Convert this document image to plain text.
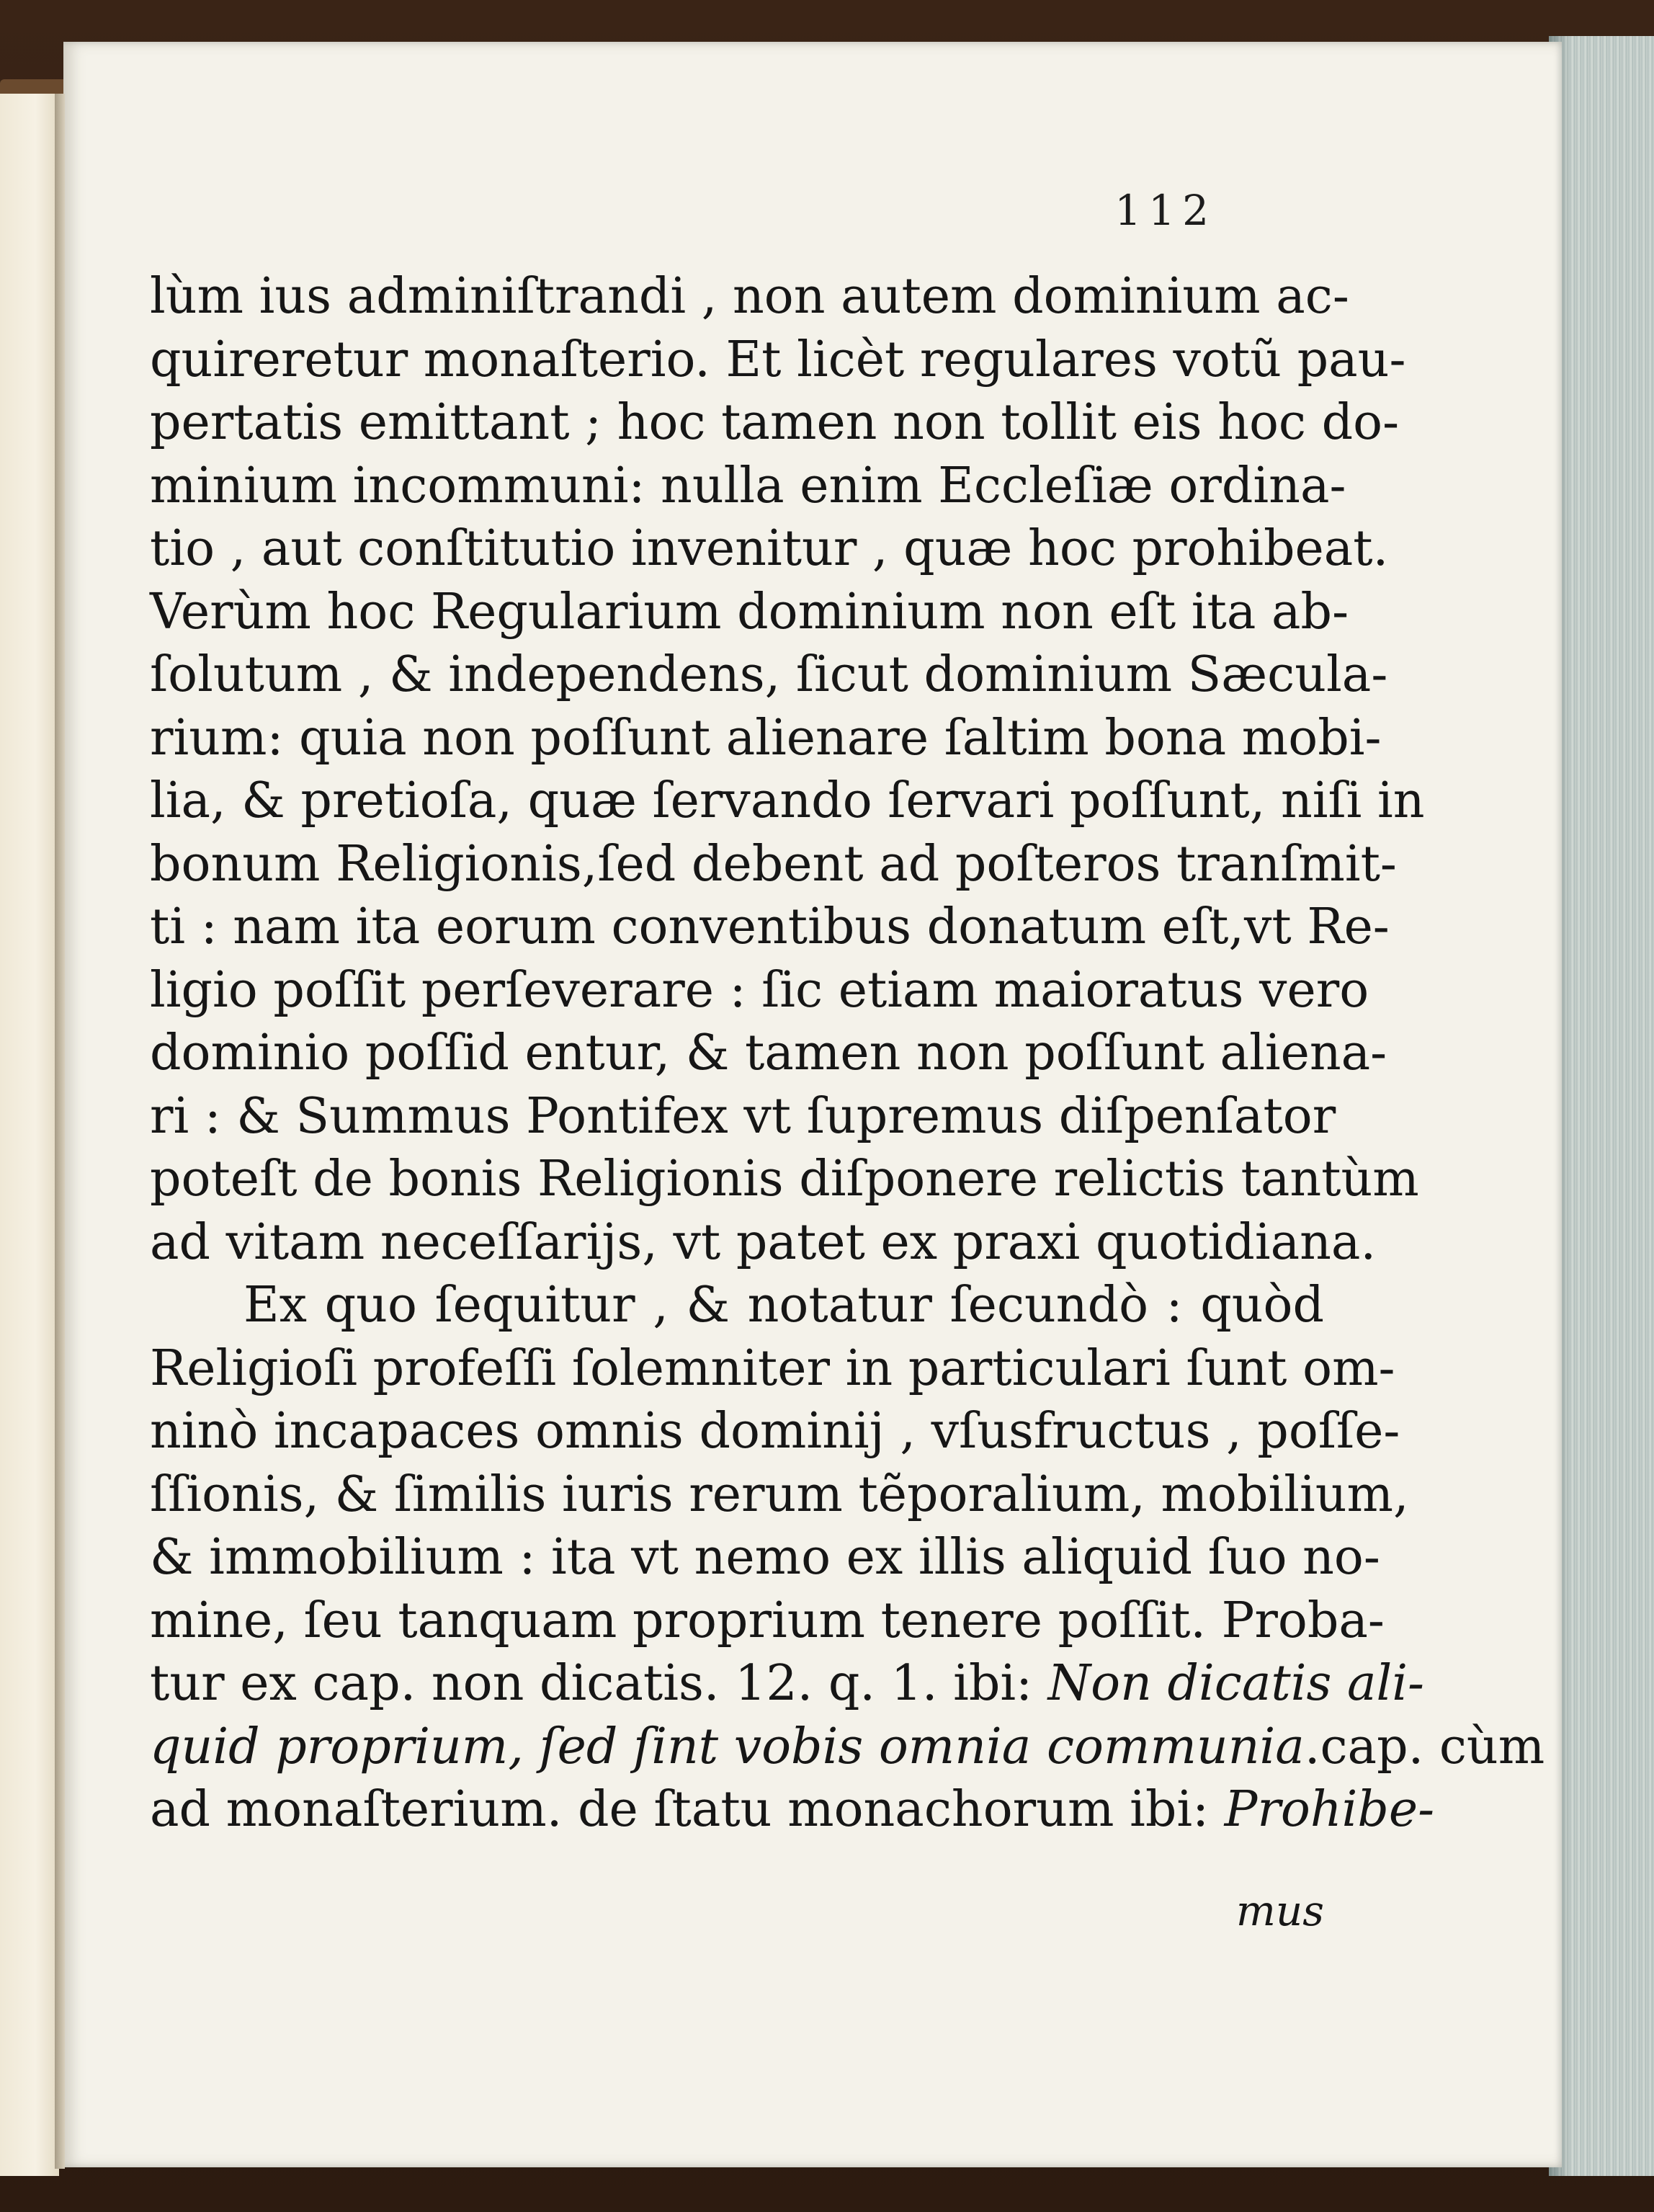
112
lùm ius adminiſtrandi , non autem dominium ac-
quireretur monaſterio. Et licèt regulares votũ pau-
pertatis emittant ; hoc tamen non tollit eis hoc do-
minium incommuni: nulla enim Eccleſiæ ordina-
tio , aut conſtitutio invenitur , quæ hoc prohibeat.
Verùm hoc Regularium dominium non eſt ita ab-
ſolutum , & independens, ſicut dominium Sæcula-
rium: quia non poſſunt alienare ſaltim bona mobi-
lia, & pretioſa, quæ ſervando ſervari poſſunt, niſi in
bonum Religionis,ſed debent ad poſteros tranſmit-
ti : nam ita eorum conventibus donatum eſt,vt Re-
ligio poſſit perſeverare : ſic etiam maioratus vero
dominio poſſid entur, & tamen non poſſunt aliena-
ri : & Summus Pontifex vt ſupremus diſpenſator
poteſt de bonis Religionis diſponere relictis tantùm
ad vitam neceſſarijs, vt patet ex praxi quotidiana.
Ex quo ſequitur , & notatur ſecundò : quòd
Religioſi profeſſi ſolemniter in particulari ſunt om-
ninò incapaces omnis dominij , vſusfructus , poſſe-
ſſionis, & ſimilis iuris rerum tẽporalium, mobilium,
& immobilium : ita vt nemo ex illis aliquid ſuo no-
mine, ſeu tanquam proprium tenere poſſit. Proba-
tur ex cap. non dicatis. 12. q. 1. ibi: Non dicatis ali-
quid proprium, ſed ſint vobis omnia communia.cap. cùm
ad monaſterium. de ſtatu monachorum ibi: Prohibe-
mus
